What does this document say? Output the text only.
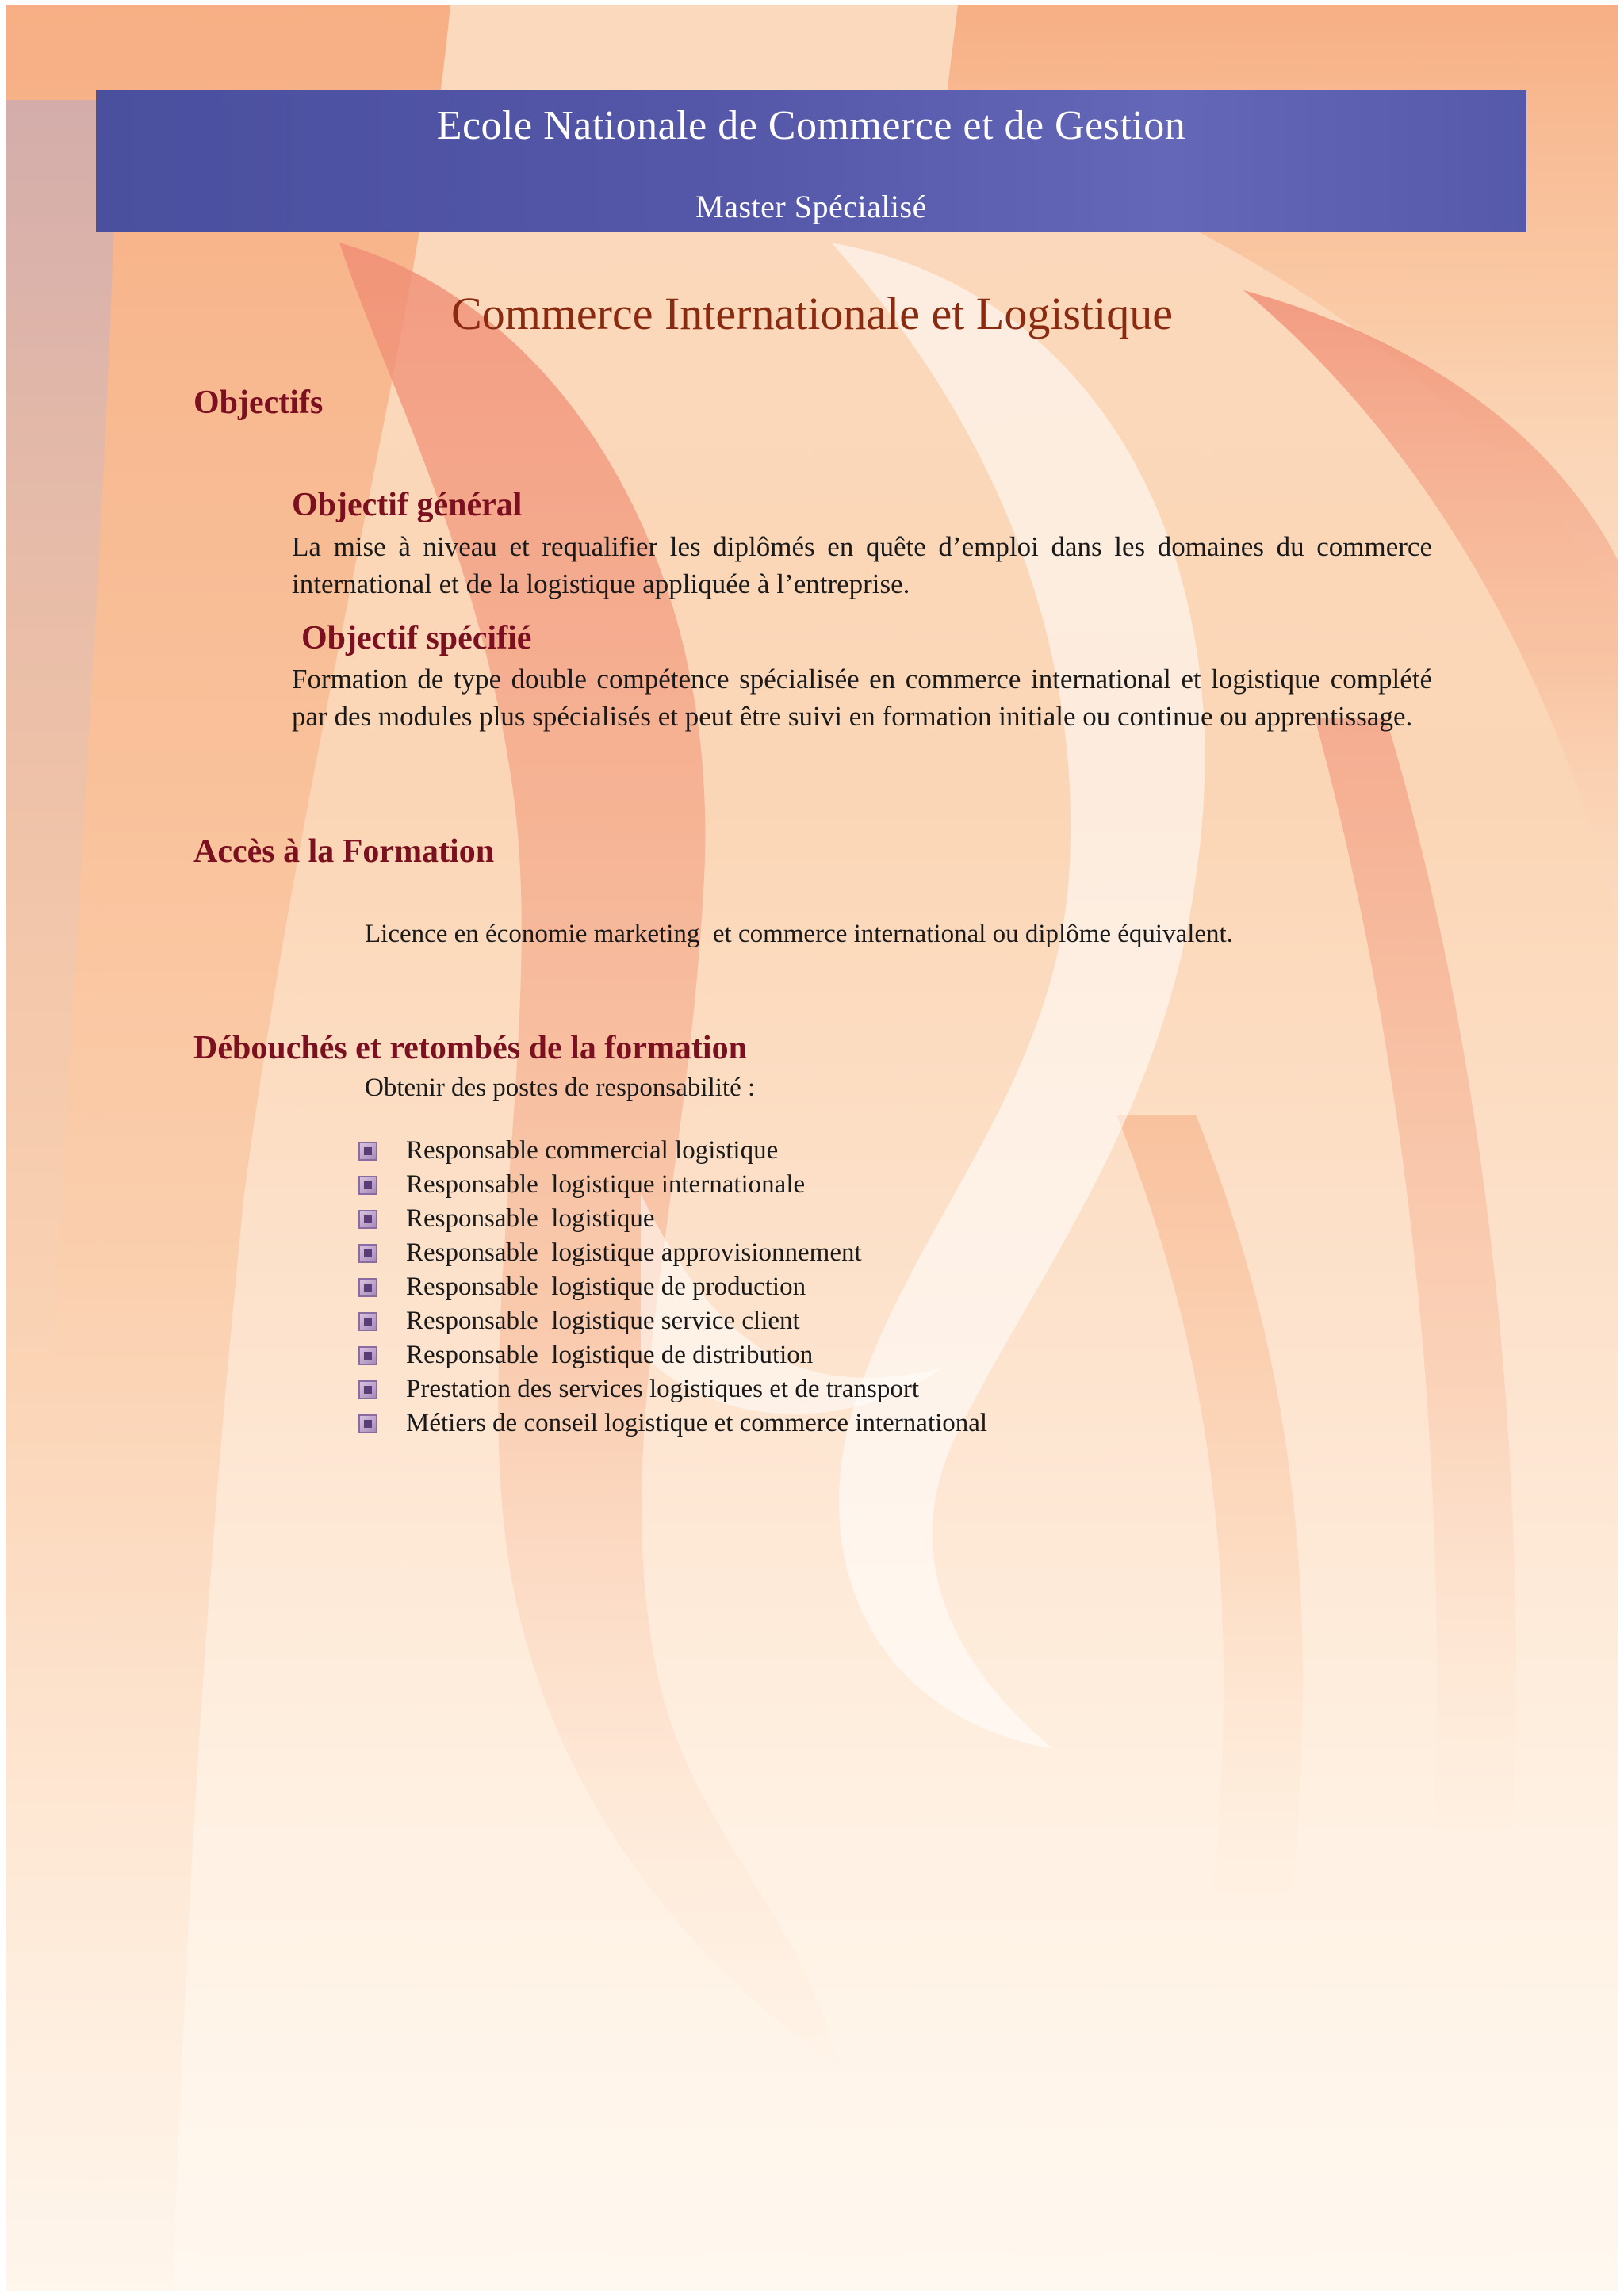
Ecole Nationale de Commerce et de Gestion
Master Spécialisé
Commerce Internationale et Logistique
Objectifs
Objectif général
La mise à niveau et requalifier les diplômés en quête d’emploi dans les domaines du commerce international et de la logistique appliquée à l’entreprise.
Objectif spécifié
Formation de type double compétence spécialisée en commerce international et logistique complété par des modules plus spécialisés et peut être suivi en formation initiale ou continue ou apprentissage.
Accès à la Formation
Licence en économie marketing  et commerce international ou diplôme équivalent.
Débouchés et retombés de la formation
Obtenir des postes de responsabilité :
Responsable commercial logistique
Responsable  logistique internationale
Responsable  logistique
Responsable  logistique approvisionnement
Responsable  logistique de production
Responsable  logistique service client
Responsable  logistique de distribution
Prestation des services logistiques et de transport
Métiers de conseil logistique et commerce international
